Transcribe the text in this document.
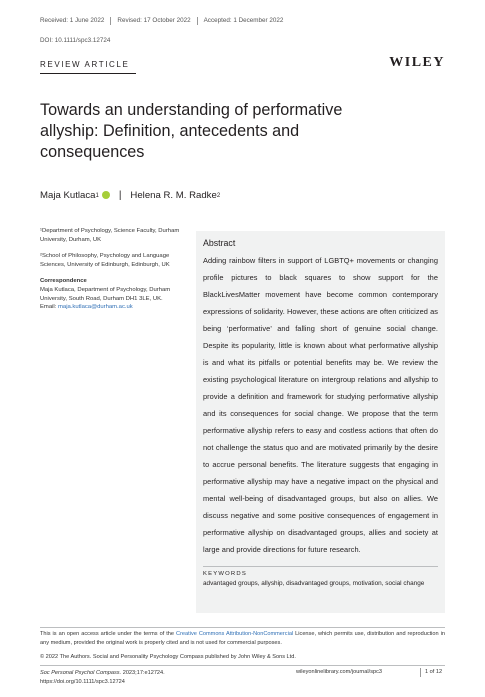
Received: 1 June 2022 Revised: 17 October 2022 Accepted: 1 December 2022
DOI: 10.1111/spc3.12724
REVIEW ARTICLE	WILEY
Towards an understanding of performative allyship: Definition, antecedents and consequences
Maja Kutlaca 1 | Helena R. M. Radke 2

¹Department of Psychology, Science Faculty, Durham University, Durham, UK

²School of Philosophy, Psychology and Language Sciences, University of Edinburgh, Edinburgh, UK

Correspondence
Maja Kutlaca, Department of Psychology, Durham University, South Road, Durham DH1 3LE, UK.
Email: maja.kutlaca@durham.ac.uk
Abstract
Adding rainbow filters in support of LGBTQ+ movements or changing profile pictures to black squares to show support for the BlackLivesMatter movement have become common contemporary expressions of solidarity. However, these actions are often criticized as being ‘performative’ and falling short of genuine social change. Despite its popularity, little is known about what performative allyship is and what its pitfalls or potential benefits may be. We review the existing psychological literature on intergroup relations and allyship to provide a definition and framework for studying performative allyship and its consequences for social change. We propose that the term performative allyship refers to easy and costless actions that often do not challenge the status quo and are motivated primarily by the desire to accrue personal benefits. The literature suggests that engaging in performative allyship may have a negative impact on the physical and mental well-being of disadvantaged groups, but also on allies. We discuss negative and some positive consequences of engagement in performative allyship on disadvantaged groups, allies and society at large and provide directions for future research.
KEYWORDS
advantaged groups, allyship, disadvantaged groups, motivation, social change
This is an open access article under the terms of the Creative Commons Attribution-NonCommercial License, which permits use, distribution and reproduction in any medium, provided the original work is properly cited and is not used for commercial purposes.
© 2022 The Authors. Social and Personality Psychology Compass published by John Wiley & Sons Ltd.
Soc Personal Psychol Compass. 2023;17:e12724.
https://doi.org/10.1111/spc3.12724
wileyonlinelibrary.com/journal/spc3	1 of 12
